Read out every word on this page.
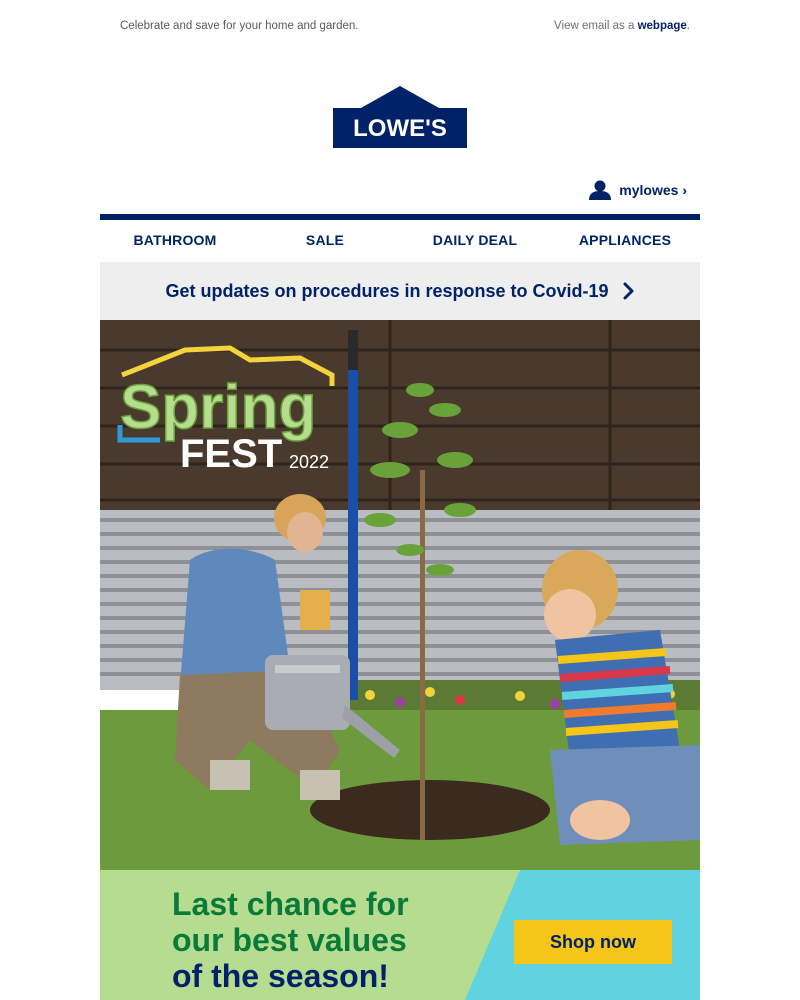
Celebrate and save for your home and garden.	View email as a webpage.
LOWE'S
mylowes ›
BATHROOM	SALE	DAILY DEAL	APPLIANCES
Get updates on procedures in response to Covid-19
Spring
FEST 2022
Last chance for
our best values
of the season!
Shop now
